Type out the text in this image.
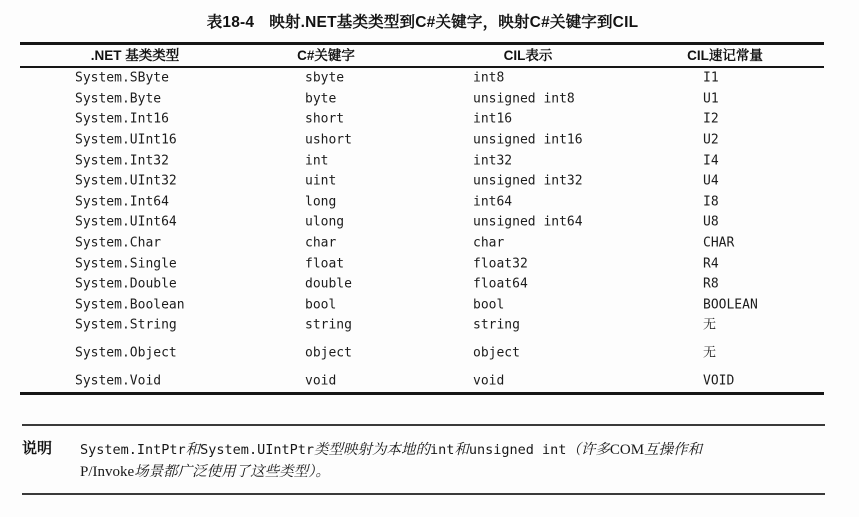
表18-4 映射.NET基类类型到C#关键字，映射C#关键字到CIL
.NET 基类类型	C#关键字	CIL表示	CIL速记常量
System.SByte	sbyte	int8	I1
System.Byte	byte	unsigned int8	U1
System.Int16	short	int16	I2
System.UInt16	ushort	unsigned int16	U2
System.Int32	int	int32	I4
System.UInt32	uint	unsigned int32	U4
System.Int64	long	int64	I8
System.UInt64	ulong	unsigned int64	U8
System.Char	char	char	CHAR
System.Single	float	float32	R4
System.Double	double	float64	R8
System.Boolean	bool	bool	BOOLEAN
System.String	string	string	无
System.Object	object	object	无
System.Void	void	void	VOID
说明 System.IntPtr和System.UIntPtr类型映射为本地的int和unsigned int（许多COM互操作和
P/Invoke场景都广泛使用了这些类型）。
